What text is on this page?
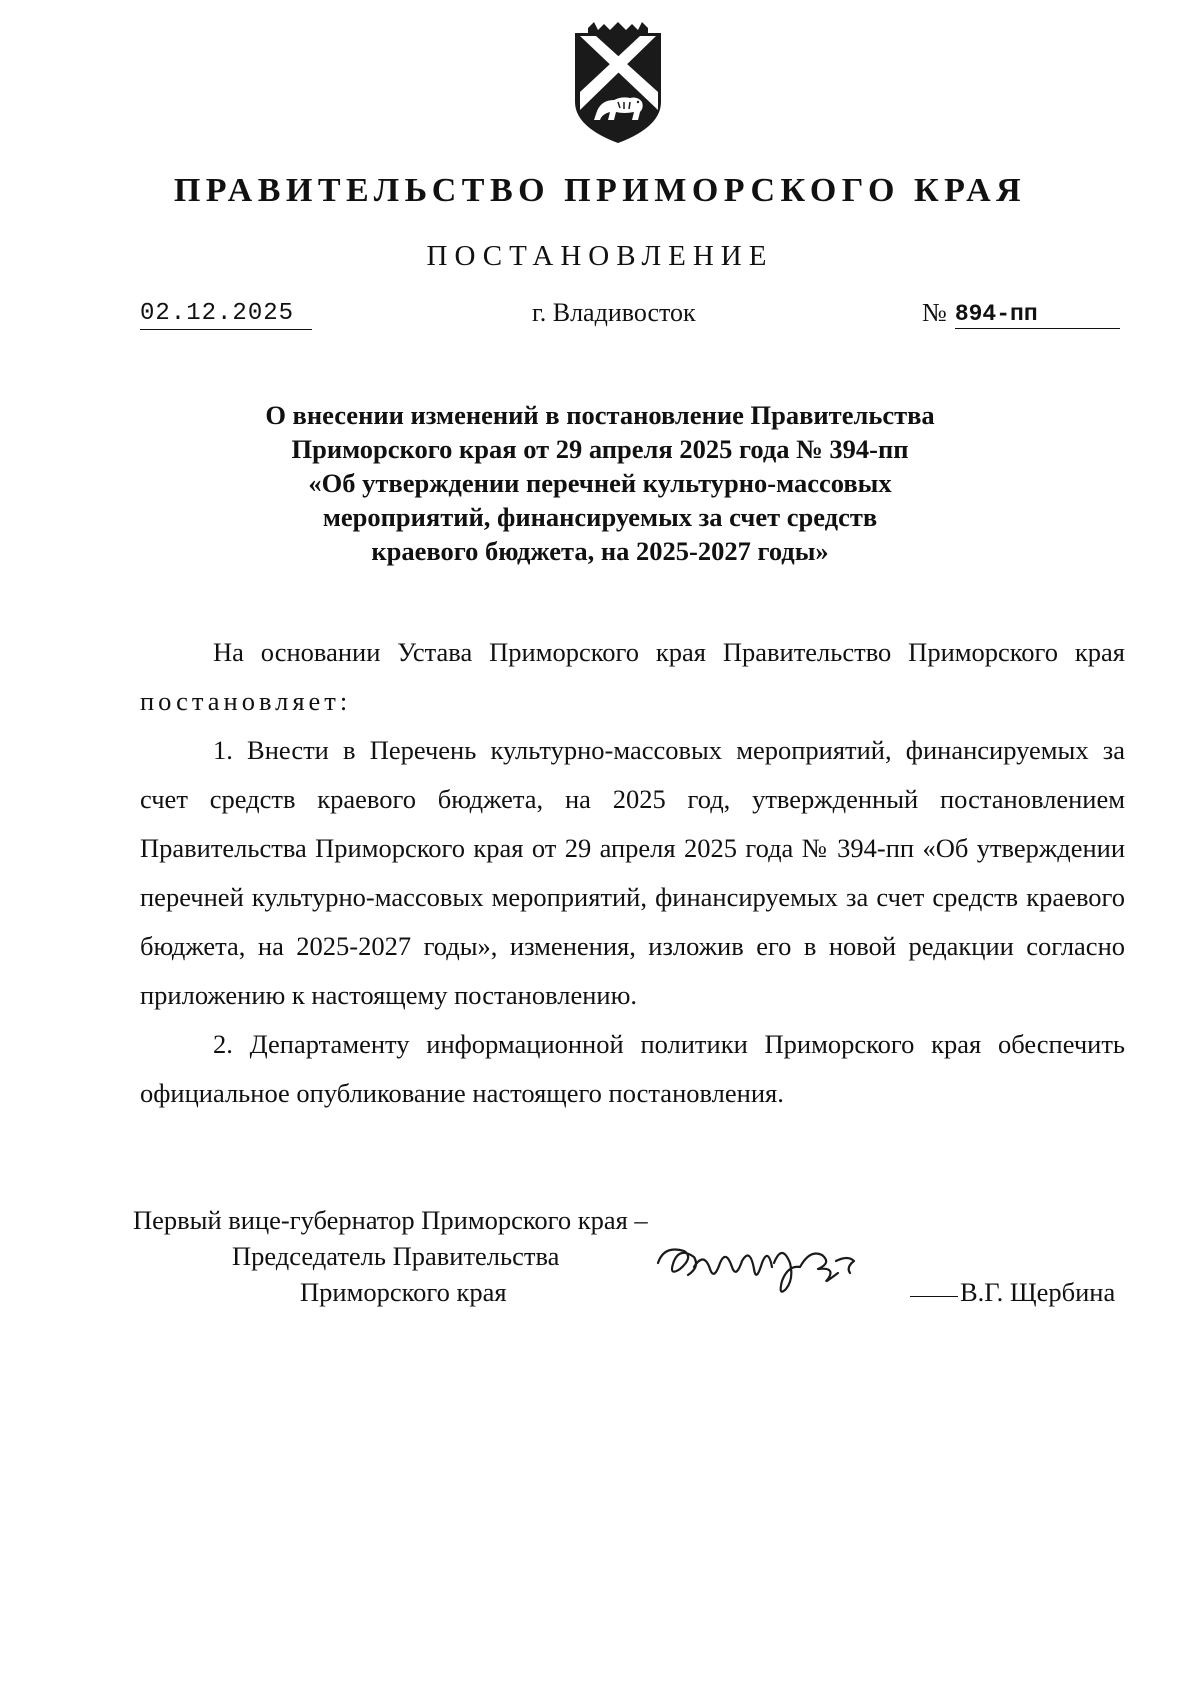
ПРАВИТЕЛЬСТВО ПРИМОРСКОГО КРАЯ
ПОСТАНОВЛЕНИЕ
02.12.2025	г. Владивосток	№ 894-пп
О внесении изменений в постановление Правительства
Приморского края от 29 апреля 2025 года № 394-пп
«Об утверждении перечней культурно-массовых
мероприятий, финансируемых за счет средств
краевого бюджета, на 2025-2027 годы»

На основании Устава Приморского края Правительство Приморского края постановляет:

1. Внести в Перечень культурно-массовых мероприятий, финансируемых за счет средств краевого бюджета, на 2025 год, утвержденный постановлением Правительства Приморского края от 29 апреля 2025 года № 394-пп «Об утверждении перечней культурно-массовых мероприятий, финансируемых за счет средств краевого бюджета, на 2025-2027 годы», изменения, изложив его в новой редакции согласно приложению к настоящему постановлению.

2. Департаменту информационной политики Приморского края обеспечить официальное опубликование настоящего постановления.

Первый вице-губернатор Приморского края –
Председатель Правительства
Приморского края	В.Г. Щербина
